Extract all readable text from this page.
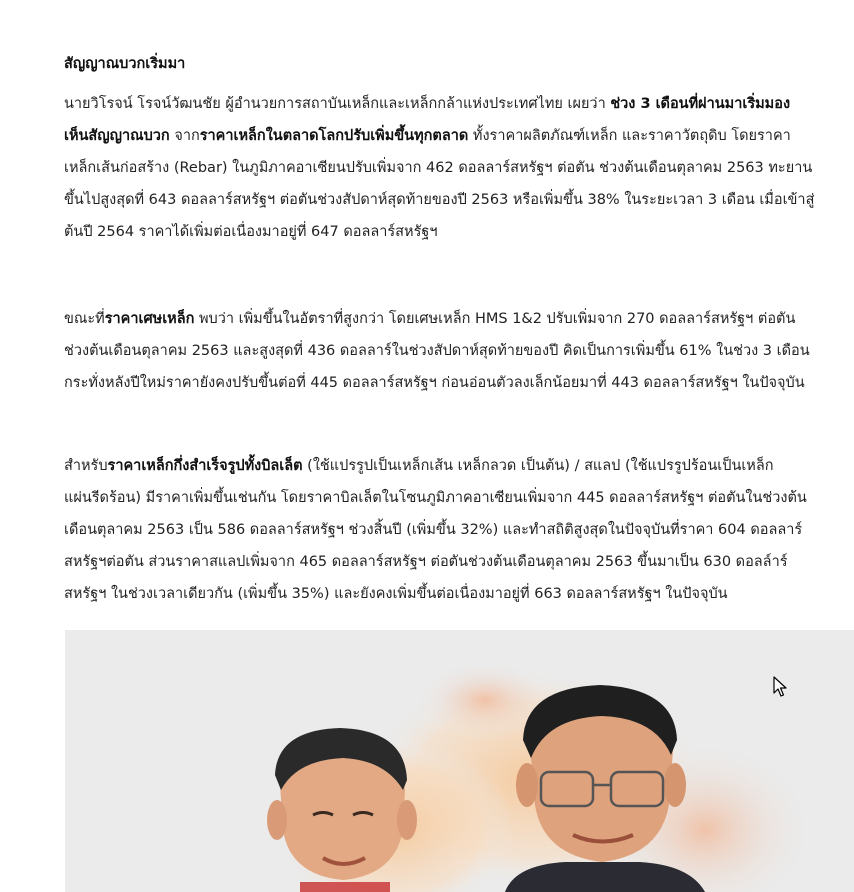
สัญญาณบวกเริ่มมา
นายวิโรจน์ โรจน์วัฒนชัย ผู้อำนวยการสถาบันเหล็กและเหล็กกล้าแห่งประเทศไทย เผยว่า ช่วง 3 เดือนที่ผ่านมาเริ่มมอง
เห็นสัญญาณบวก จากราคาเหล็กในตลาดโลกปรับเพิ่มขึ้นทุกตลาด ทั้งราคาผลิตภัณฑ์เหล็ก และราคาวัตถุดิบ โดยราคา
เหล็กเส้นก่อสร้าง (Rebar) ในภูมิภาคอาเซียนปรับเพิ่มจาก 462 ดอลลาร์สหรัฐฯ ต่อตัน ช่วงต้นเดือนตุลาคม 2563 ทะยาน
ขึ้นไปสูงสุดที่ 643 ดอลลาร์สหรัฐฯ ต่อตันช่วงสัปดาห์สุดท้ายของปี 2563 หรือเพิ่มขึ้น 38% ในระยะเวลา 3 เดือน เมื่อเข้าสู่
ต้นปี 2564 ราคาได้เพิ่มต่อเนื่องมาอยู่ที่ 647 ดอลลาร์สหรัฐฯ
ขณะที่ราคาเศษเหล็ก พบว่า เพิ่มขึ้นในอัตราที่สูงกว่า โดยเศษเหล็ก HMS 1&2 ปรับเพิ่มจาก 270 ดอลลาร์สหรัฐฯ ต่อตัน
ช่วงต้นเดือนตุลาคม 2563 และสูงสุดที่ 436 ดอลลาร์ในช่วงสัปดาห์สุดท้ายของปี คิดเป็นการเพิ่มขึ้น 61% ในช่วง 3 เดือน
กระทั่งหลังปีใหม่ราคายังคงปรับขึ้นต่อที่ 445 ดอลลาร์สหรัฐฯ ก่อนอ่อนตัวลงเล็กน้อยมาที่ 443 ดอลลาร์สหรัฐฯ ในปัจจุบัน
สำหรับราคาเหล็กกึ่งสำเร็จรูปทั้งบิลเล็ต (ใช้แปรรูปเป็นเหล็กเส้น เหล็กลวด เป็นต้น) / สแลป (ใช้แปรรูปร้อนเป็นเหล็ก
แผ่นรีดร้อน) มีราคาเพิ่มขึ้นเช่นกัน โดยราคาบิลเล็ตในโซนภูมิภาคอาเซียนเพิ่มจาก 445 ดอลลาร์สหรัฐฯ ต่อตันในช่วงต้น
เดือนตุลาคม 2563 เป็น 586 ดอลลาร์สหรัฐฯ ช่วงสิ้นปี (เพิ่มขึ้น 32%) และทำสถิติสูงสุดในปัจจุบันที่ราคา 604 ดอลลาร์
สหรัฐฯต่อตัน ส่วนราคาสแลปเพิ่มจาก 465 ดอลลาร์สหรัฐฯ ต่อตันช่วงต้นเดือนตุลาคม 2563 ขึ้นมาเป็น 630 ดอลล์าร์
สหรัฐฯ ในช่วงเวลาเดียวกัน (เพิ่มขึ้น 35%) และยังคงเพิ่มขึ้นต่อเนื่องมาอยู่ที่ 663 ดอลลาร์สหรัฐฯ ในปัจจุบัน
